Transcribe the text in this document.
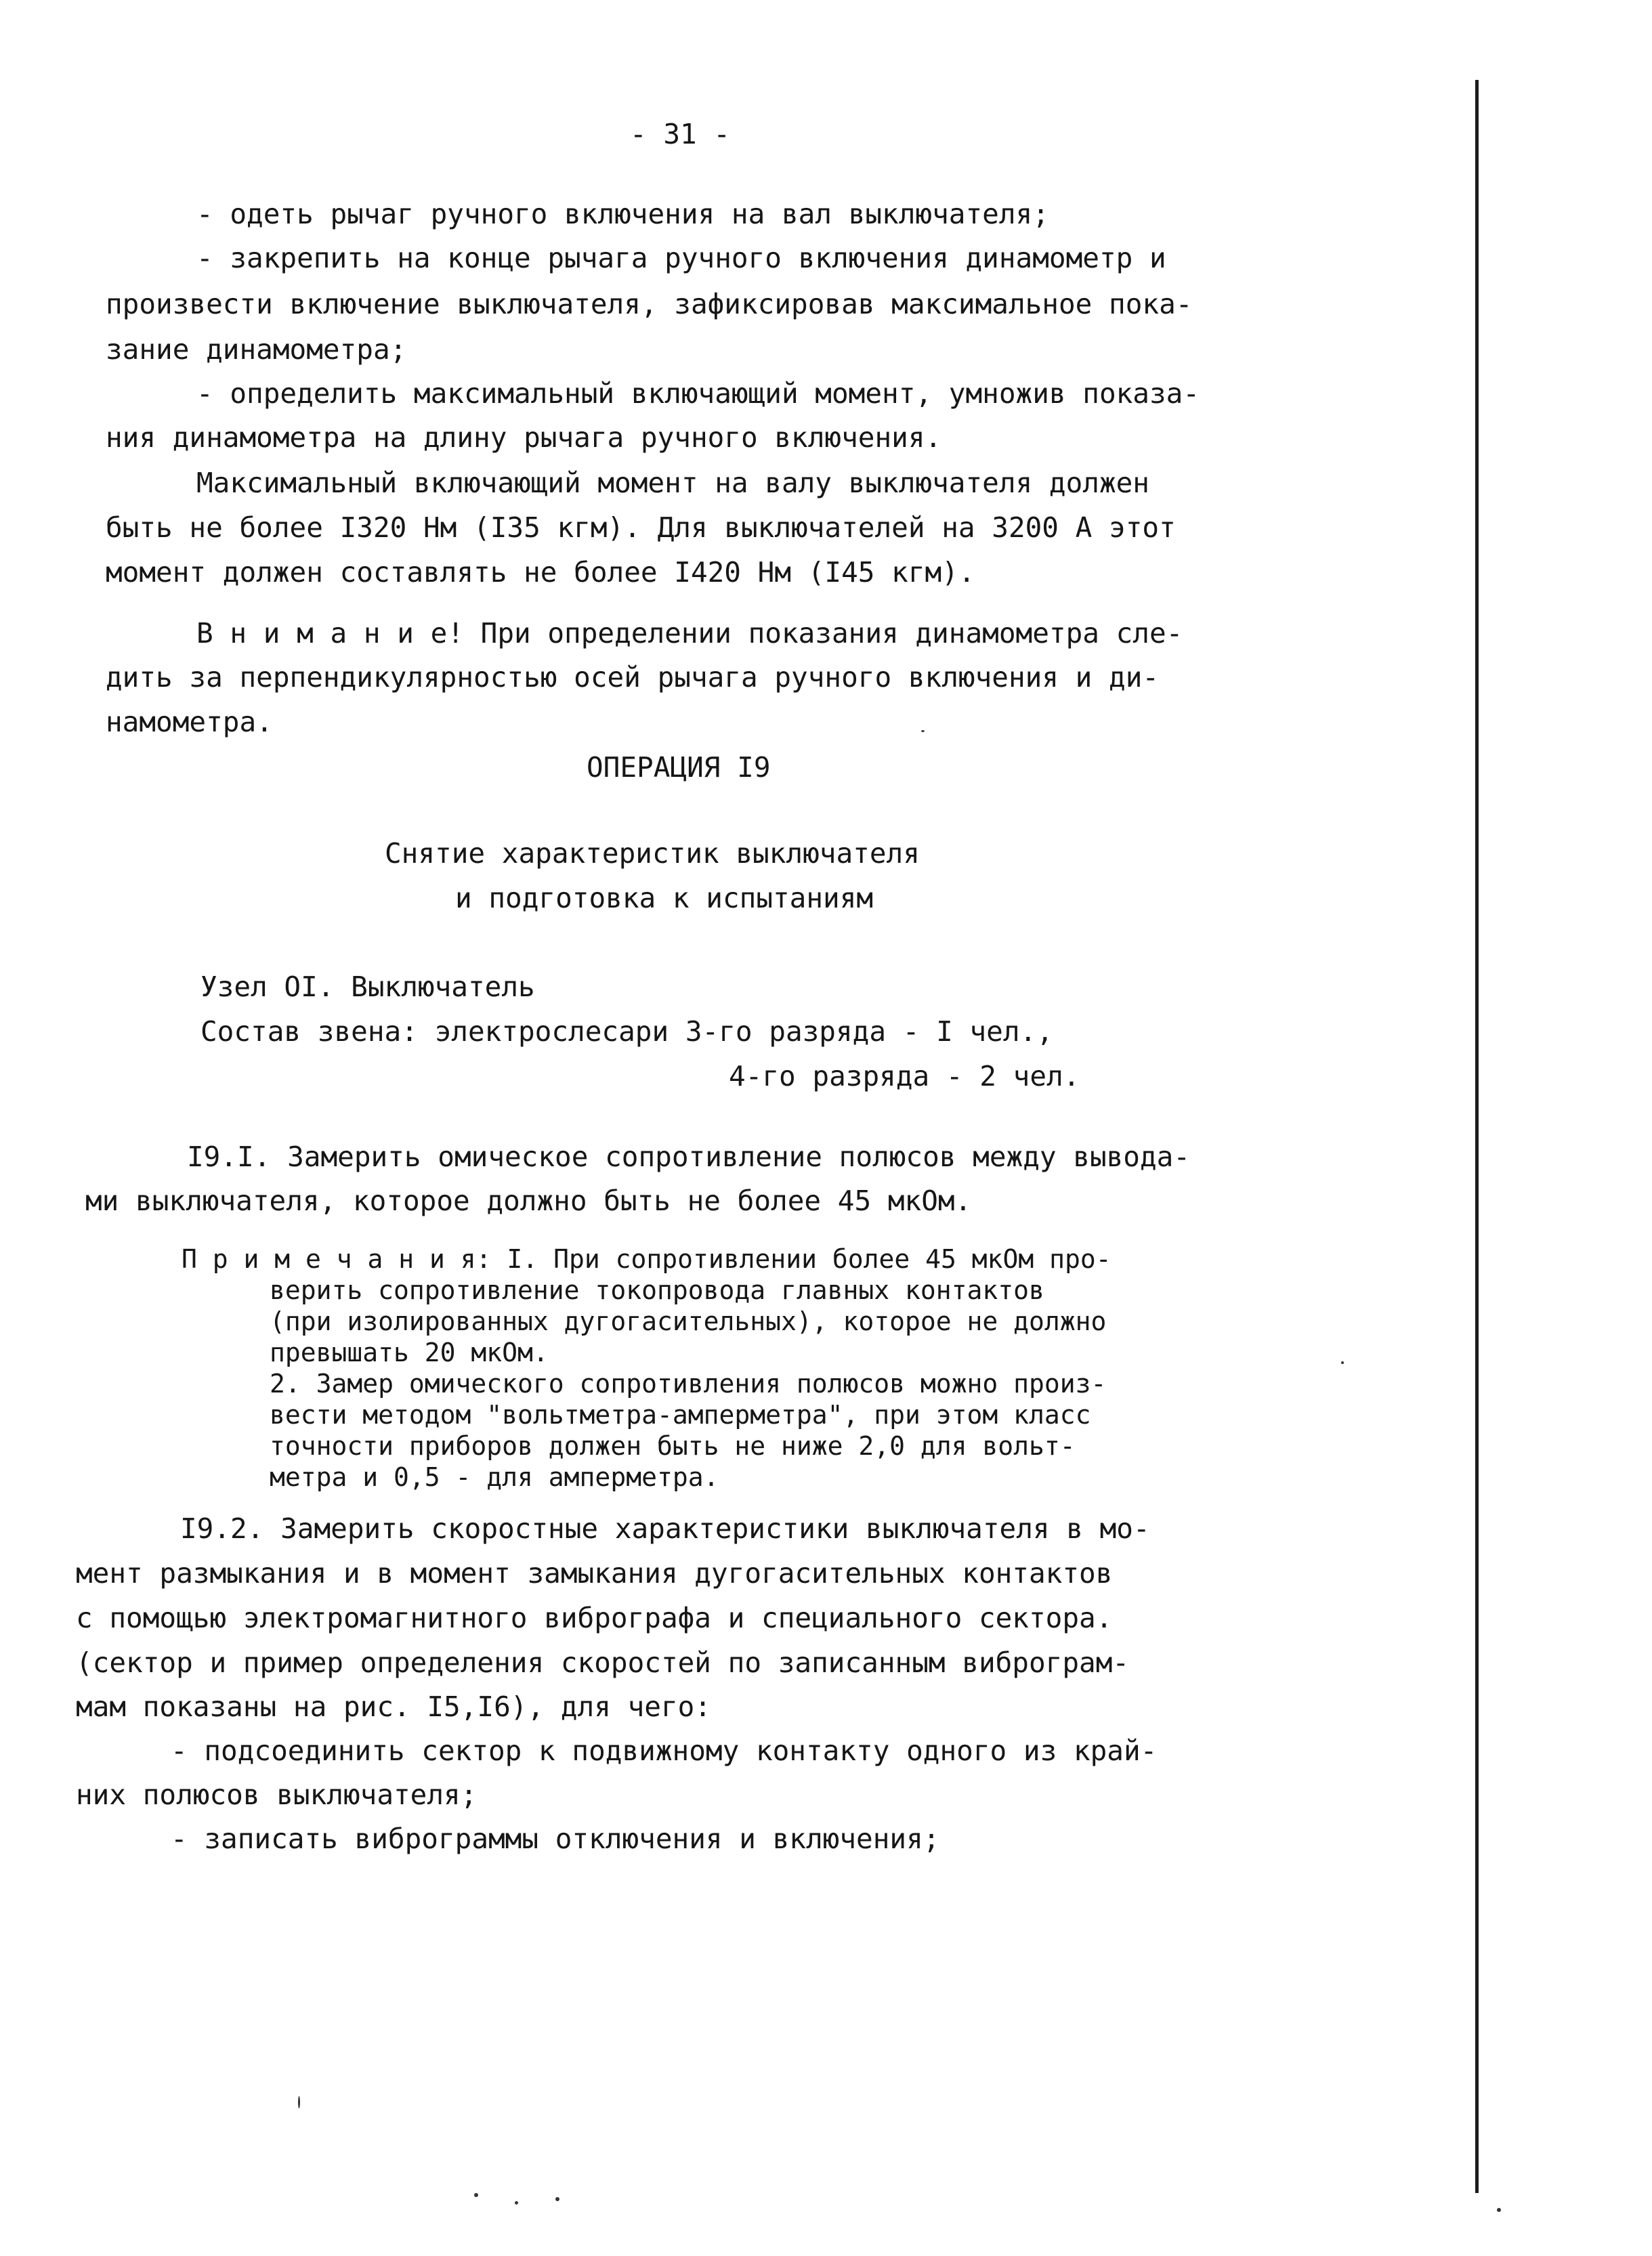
- 31 -

- одеть рычаг ручного включения на вал выключателя;

- закрепить на конце рычага ручного включения динамометр и

произвести включение выключателя, зафиксировав максимальное пока-

зание динамометра;

- определить максимальный включающий момент, умножив показа-

ния динамометра на длину рычага ручного включения.

Максимальный включающий момент на валу выключателя должен

быть не более I320 Нм (I35 кгм). Для выключателей на 3200 А этот

момент должен составлять не более I420 Нм (I45 кгм).

В н и м а н и е! При определении показания динамометра сле-

дить за перпендикулярностью осей рычага ручного включения и ди-

намометра.

ОПЕРАЦИЯ I9

Снятие характеристик выключателя

и подготовка к испытаниям

Узел OI. Выключатель

Состав звена: электрослесари 3-го разряда - I чел.,

4-го разряда - 2 чел.

I9.I. Замерить омическое сопротивление полюсов между вывода-

ми выключателя, которое должно быть не более 45 мкОм.

П р и м е ч а н и я: I. При сопротивлении более 45 мкОм про-

верить сопротивление токопровода главных контактов

(при изолированных дугогасительных), которое не должно

превышать 20 мкОм.

2. Замер омического сопротивления полюсов можно произ-

вести методом "вольтметра-амперметра", при этом класс

точности приборов должен быть не ниже 2,0 для вольт-

метра и 0,5 - для амперметра.

I9.2. Замерить скоростные характеристики выключателя в мо-

мент размыкания и в момент замыкания дугогасительных контактов

с помощью электромагнитного вибрографа и специального сектора.

(сектор и пример определения скоростей по записанным виброграм-

мам показаны на рис. I5,I6), для чего:

- подсоединить сектор к подвижному контакту одного из край-

них полюсов выключателя;

- записать виброграммы отключения и включения;
